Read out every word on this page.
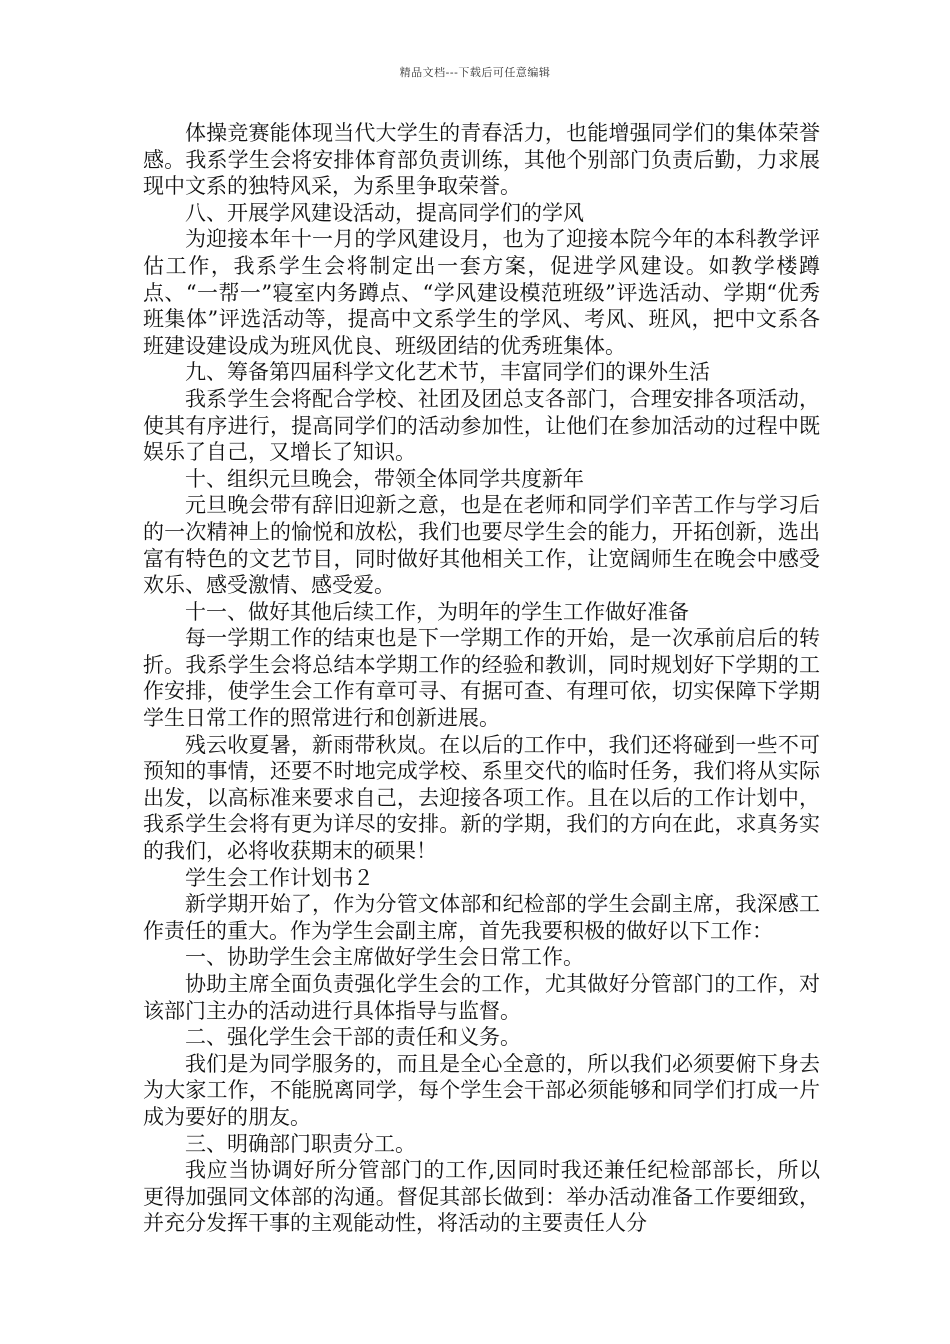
精品文档---下载后可任意编辑

体操竞赛能体现当代大学生的青春活力，也能增强同学们的集体荣誉感。我系学生会将安排体育部负责训练，其他个别部门负责后勤，力求展现中文系的独特风采，为系里争取荣誉。

八、开展学风建设活动，提高同学们的学风

为迎接本年十一月的学风建设月，也为了迎接本院今年的本科教学评估工作，我系学生会将制定出一套方案，促进学风建设。如教学楼蹲点、“一帮一”寝室内务蹲点、“学风建设模范班级”评选活动、学期“优秀班集体”评选活动等，提高中文系学生的学风、考风、班风，把中文系各班建设建设成为班风优良、班级团结的优秀班集体。

九、筹备第四届科学文化艺术节，丰富同学们的课外生活

我系学生会将配合学校、社团及团总支各部门，合理安排各项活动，使其有序进行，提高同学们的活动参加性，让他们在参加活动的过程中既娱乐了自己，又增长了知识。

十、组织元旦晚会，带领全体同学共度新年

元旦晚会带有辞旧迎新之意，也是在老师和同学们辛苦工作与学习后的一次精神上的愉悦和放松，我们也要尽学生会的能力，开拓创新，选出富有特色的文艺节目，同时做好其他相关工作，让宽阔师生在晚会中感受欢乐、感受激情、感受爱。

十一、做好其他后续工作，为明年的学生工作做好准备

每一学期工作的结束也是下一学期工作的开始，是一次承前启后的转折。我系学生会将总结本学期工作的经验和教训，同时规划好下学期的工作安排，使学生会工作有章可寻、有据可查、有理可依，切实保障下学期学生日常工作的照常进行和创新进展。

残云收夏暑，新雨带秋岚。在以后的工作中，我们还将碰到一些不可预知的事情，还要不时地完成学校、系里交代的临时任务，我们将从实际出发，以高标准来要求自己，去迎接各项工作。且在以后的工作计划中，我系学生会将有更为详尽的安排。新的学期，我们的方向在此，求真务实的我们，必将收获期末的硕果！

学生会工作计划书２

新学期开始了，作为分管文体部和纪检部的学生会副主席，我深感工作责任的重大。作为学生会副主席，首先我要积极的做好以下工作：

一、协助学生会主席做好学生会日常工作。

协助主席全面负责强化学生会的工作，尤其做好分管部门的工作，对该部门主办的活动进行具体指导与监督。

二、强化学生会干部的责任和义务。

我们是为同学服务的，而且是全心全意的，所以我们必须要俯下身去为大家工作，不能脱离同学，每个学生会干部必须能够和同学们打成一片成为要好的朋友。

三、明确部门职责分工。

我应当协调好所分管部门的工作,因同时我还兼任纪检部部长，所以更得加强同文体部的沟通。督促其部长做到：举办活动准备工作要细致，并充分发挥干事的主观能动性，将活动的主要责任人分
